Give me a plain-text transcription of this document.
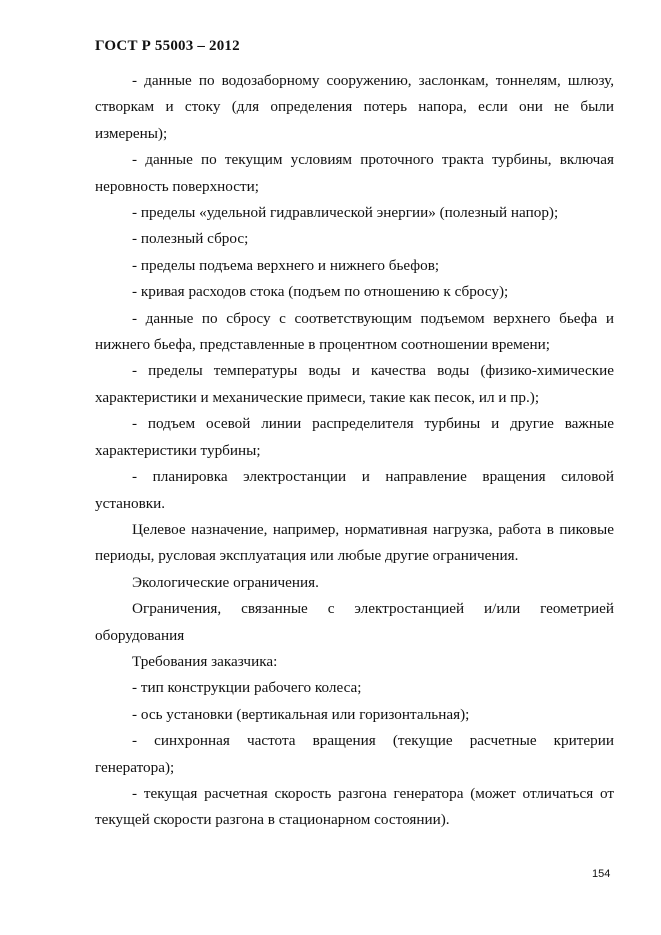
ГОСТ Р 55003 – 2012

- данные по водозаборному сооружению, заслонкам, тоннелям, шлюзу, створкам и стоку (для определения потерь напора, если они не были измерены);

- данные по текущим условиям проточного тракта турбины, включая неровность поверхности;

- пределы «удельной гидравлической энергии» (полезный напор);

- полезный сброс;

- пределы подъема верхнего и нижнего бьефов;

- кривая расходов стока (подъем по отношению к сбросу);

- данные по сбросу с соответствующим подъемом верхнего бьефа и нижнего бьефа, представленные в процентном соотношении времени;

- пределы температуры воды и качества воды (физико-химические характеристики и механические примеси, такие как песок, ил и пр.);

- подъем осевой линии распределителя турбины и другие важные характеристики турбины;

- планировка электростанции и направление вращения силовой установки.

Целевое назначение, например, нормативная нагрузка, работа в пиковые периоды, русловая эксплуатация или любые другие ограничения.

Экологические ограничения.

Ограничения, связанные с электростанцией и/или геометрией оборудования

Требования заказчика:

- тип конструкции рабочего колеса;

- ось установки (вертикальная или горизонтальная);

- синхронная частота вращения (текущие расчетные критерии генератора);

- текущая расчетная скорость разгона генератора (может отличаться от текущей скорости разгона в стационарном состоянии).

154
